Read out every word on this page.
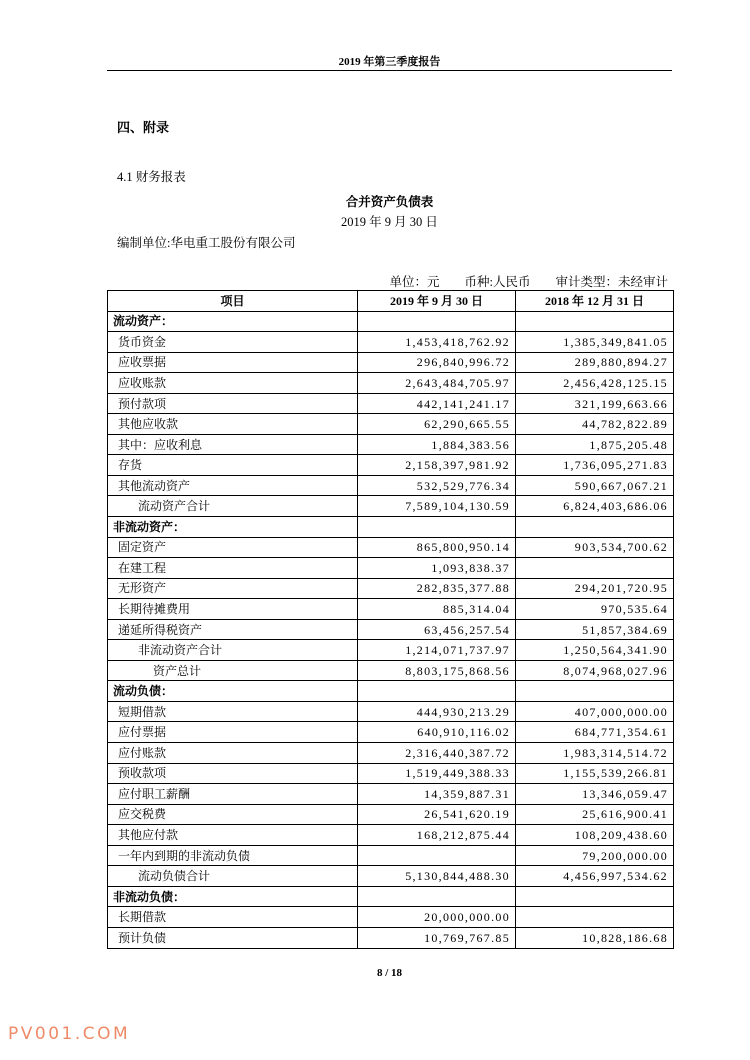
2019 年第三季度报告
四、附录
4.1 财务报表
合并资产负债表
2019 年 9 月 30 日
编制单位:华电重工股份有限公司
单位：元　　币种:人民币　　审计类型：未经审计
项目	2019 年 9 月 30 日	2018 年 12 月 31 日
流动资产：		
货币资金	1,453,418,762.92	1,385,349,841.05
应收票据	296,840,996.72	289,880,894.27
应收账款	2,643,484,705.97	2,456,428,125.15
预付款项	442,141,241.17	321,199,663.66
其他应收款	62,290,665.55	44,782,822.89
其中：应收利息	1,884,383.56	1,875,205.48
存货	2,158,397,981.92	1,736,095,271.83
其他流动资产	532,529,776.34	590,667,067.21
流动资产合计	7,589,104,130.59	6,824,403,686.06
非流动资产：		
固定资产	865,800,950.14	903,534,700.62
在建工程	1,093,838.37	
无形资产	282,835,377.88	294,201,720.95
长期待摊费用	885,314.04	970,535.64
递延所得税资产	63,456,257.54	51,857,384.69
非流动资产合计	1,214,071,737.97	1,250,564,341.90
资产总计	8,803,175,868.56	8,074,968,027.96
流动负债：		
短期借款	444,930,213.29	407,000,000.00
应付票据	640,910,116.02	684,771,354.61
应付账款	2,316,440,387.72	1,983,314,514.72
预收款项	1,519,449,388.33	1,155,539,266.81
应付职工薪酬	14,359,887.31	13,346,059.47
应交税费	26,541,620.19	25,616,900.41
其他应付款	168,212,875.44	108,209,438.60
一年内到期的非流动负债		79,200,000.00
流动负债合计	5,130,844,488.30	4,456,997,534.62
非流动负债：		
长期借款	20,000,000.00	
预计负债	10,769,767.85	10,828,186.68
8 / 18
PV001.COM
